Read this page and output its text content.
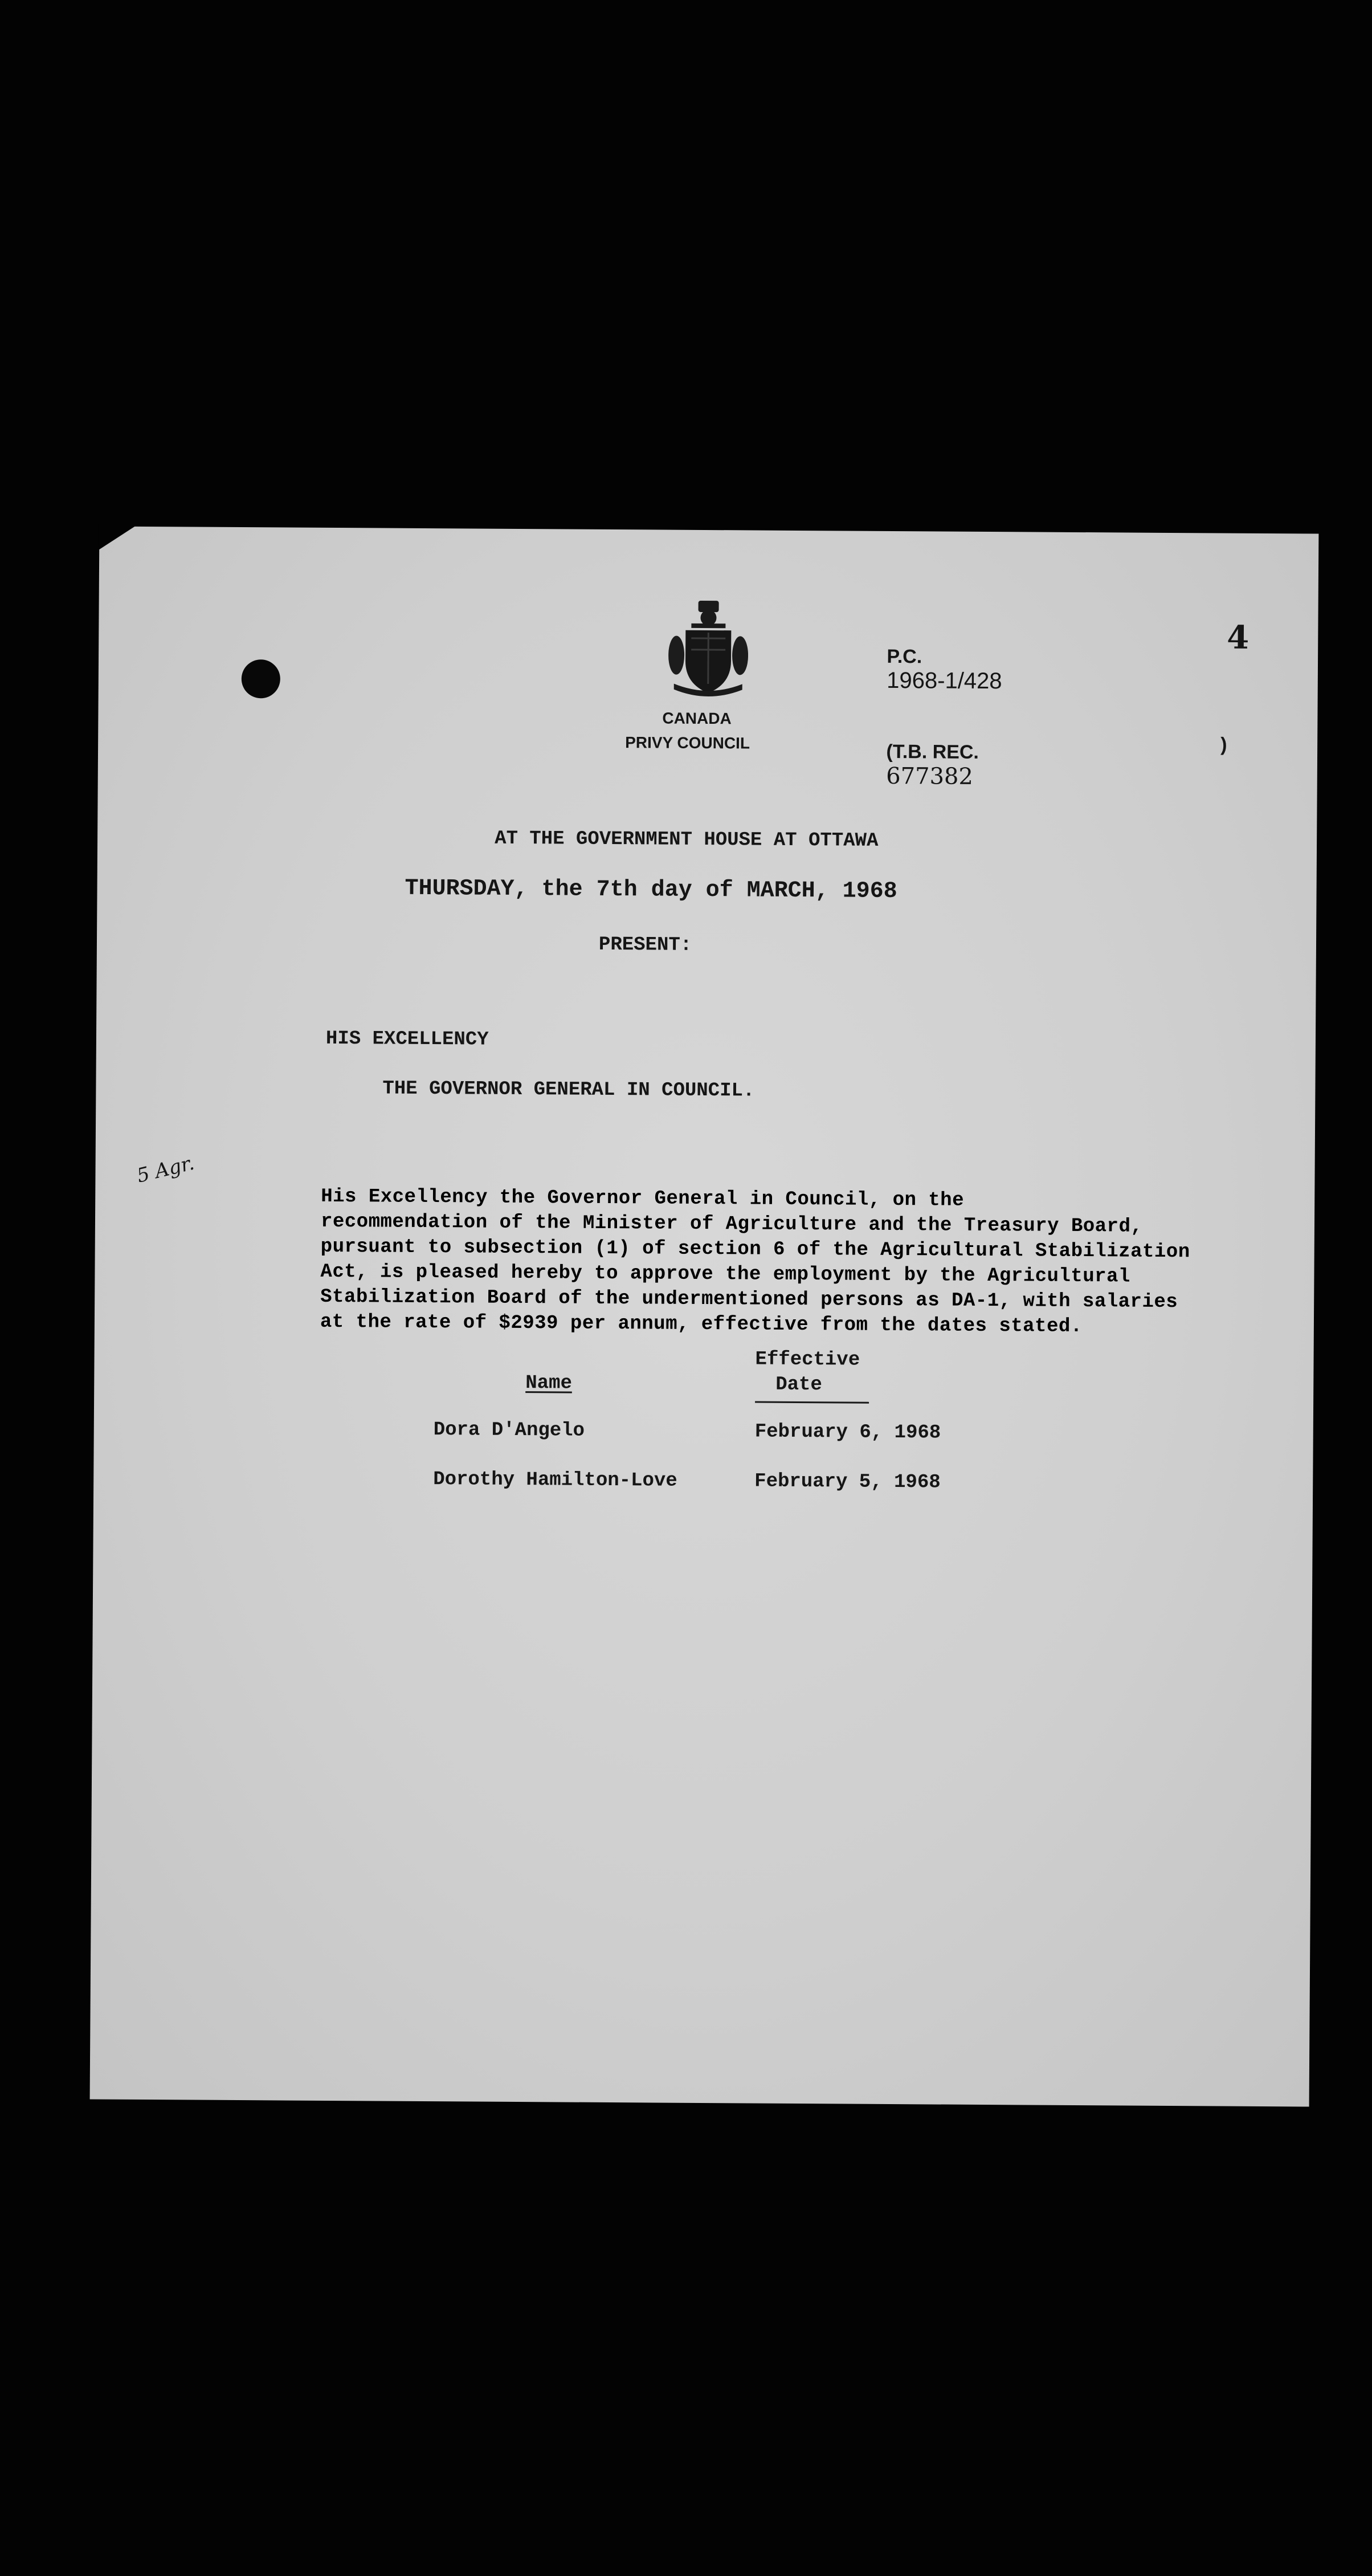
CANADA
PRIVY COUNCIL

P.C.
1968-1/428

4

(T.B. REC.
677382

)
AT THE GOVERNMENT HOUSE AT OTTAWA
THURSDAY, the 7th day of MARCH, 1968
PRESENT:
HIS EXCELLENCY
THE GOVERNOR GENERAL IN COUNCIL.
5 Agr.
His Excellency the Governor General in Council, on the
recommendation of the Minister of Agriculture and the Treasury Board,
pursuant to subsection (1) of section 6 of the Agricultural Stabilization
Act, is pleased hereby to approve the employment by the Agricultural
Stabilization Board of the undermentioned persons as DA-1, with salaries
at the rate of $2939 per annum, effective from the dates stated.
Name
Effective
Date
Dora D'Angelo	February 6, 1968
Dorothy Hamilton-Love	February 5, 1968
